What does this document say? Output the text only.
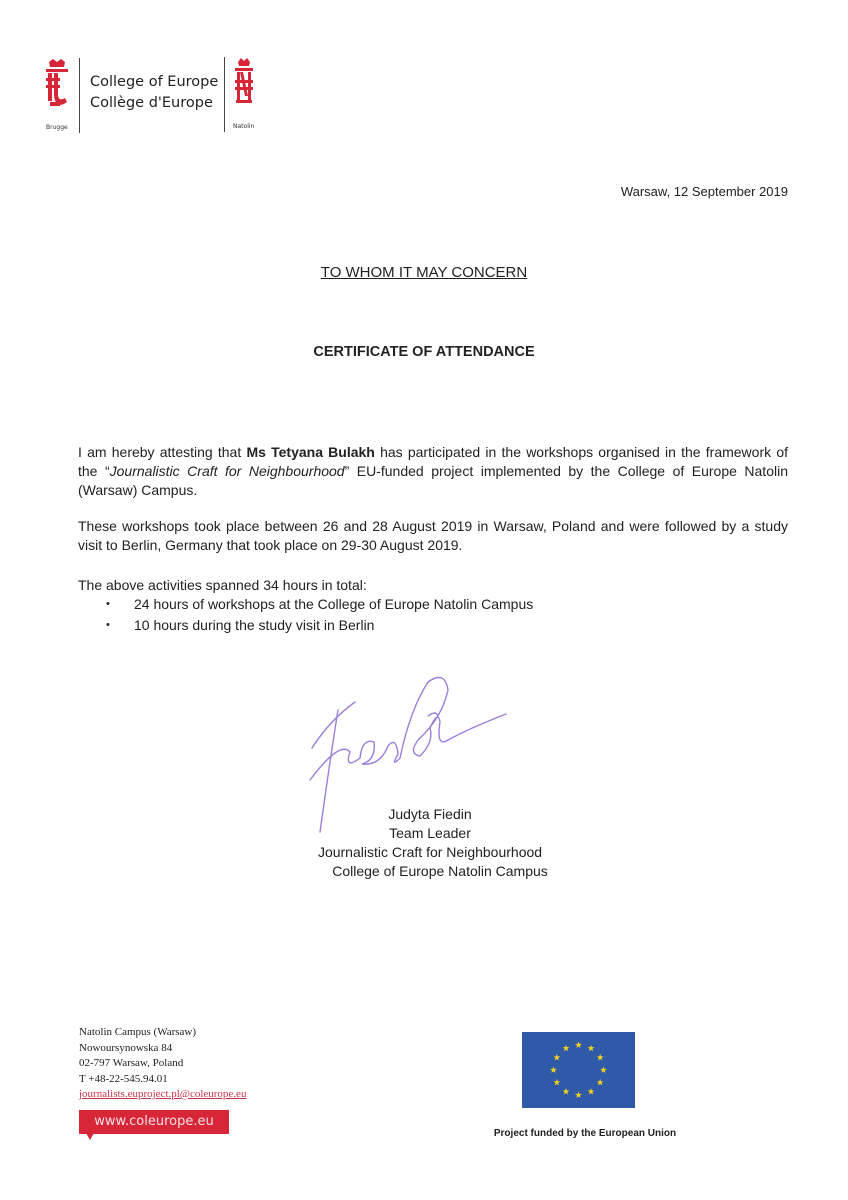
Brugge
College of Europe
Collège d'Europe
Natolin
Warsaw, 12 September 2019
TO WHOM IT MAY CONCERN
CERTIFICATE OF ATTENDANCE
I am hereby attesting that Ms Tetyana Bulakh has participated in the workshops organised in the framework of the “Journalistic Craft for Neighbourhood” EU-funded project implemented by the College of Europe Natolin (Warsaw) Campus.
These workshops took place between 26 and 28 August 2019 in Warsaw, Poland and were followed by a study visit to Berlin, Germany that took place on 29-30 August 2019.
The above activities spanned 34 hours in total:
• 24 hours of workshops at the College of Europe Natolin Campus
• 10 hours during the study visit in Berlin
Judyta Fiedin
Team Leader
Journalistic Craft for Neighbourhood
College of Europe Natolin Campus
Natolin Campus (Warsaw)
Nowoursynowska 84
02-797 Warsaw, Poland
T +48-22-545.94.01
journalists.euproject.pl@coleurope.eu
www.coleurope.eu
Project funded by the European Union
